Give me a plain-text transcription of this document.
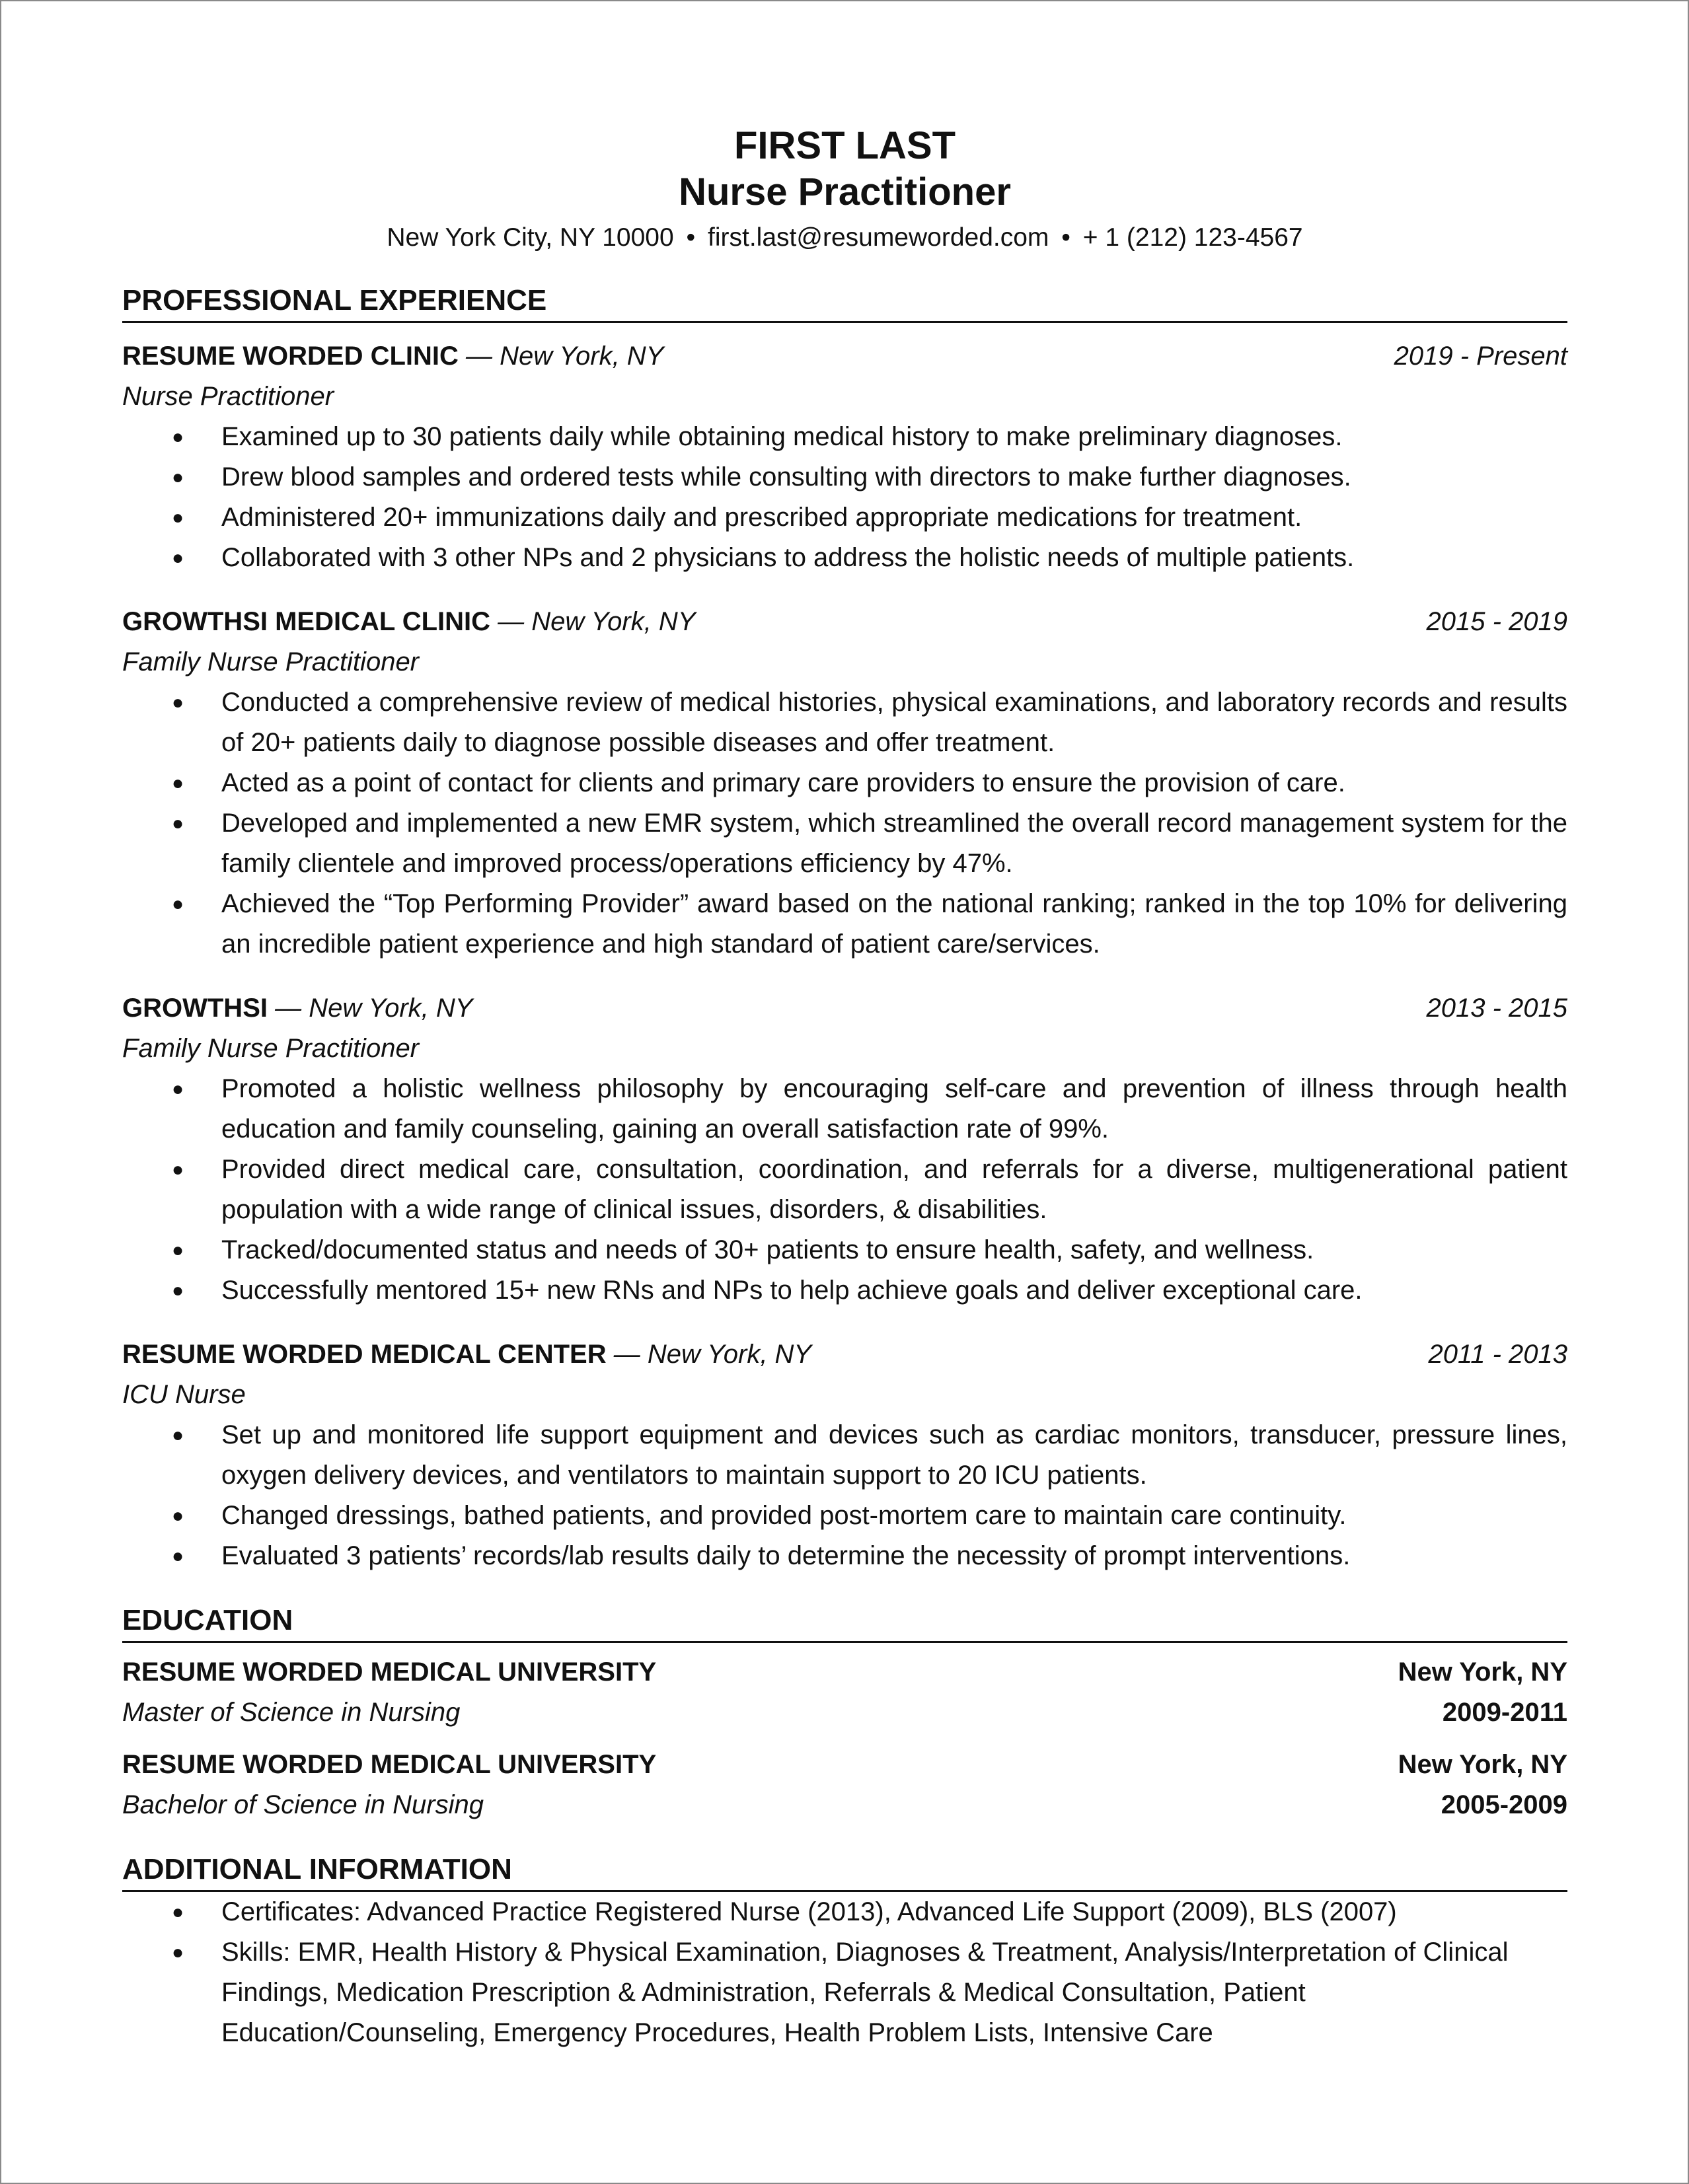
FIRST LAST

Nurse Practitioner

New York City, NY 10000 • first.last@resumeworded.com • + 1 (212) 123-4567

PROFESSIONAL EXPERIENCE
RESUME WORDED CLINIC — New York, NY	2019 - Present
Nurse Practitioner
● Examined up to 30 patients daily while obtaining medical history to make preliminary diagnoses.
● Drew blood samples and ordered tests while consulting with directors to make further diagnoses.
● Administered 20+ immunizations daily and prescribed appropriate medications for treatment.
● Collaborated with 3 other NPs and 2 physicians to address the holistic needs of multiple patients.
GROWTHSI MEDICAL CLINIC — New York, NY	2015 - 2019
Family Nurse Practitioner
● Conducted a comprehensive review of medical histories, physical examinations, and laboratory records and results of 20+ patients daily to diagnose possible diseases and offer treatment.
● Acted as a point of contact for clients and primary care providers to ensure the provision of care.
● Developed and implemented a new EMR system, which streamlined the overall record management system for the family clientele and improved process/operations efficiency by 47%.
● Achieved the “Top Performing Provider” award based on the national ranking; ranked in the top 10% for delivering an incredible patient experience and high standard of patient care/services.
GROWTHSI — New York, NY	2013 - 2015
Family Nurse Practitioner
● Promoted a holistic wellness philosophy by encouraging self-care and prevention of illness through health education and family counseling, gaining an overall satisfaction rate of 99%.
● Provided direct medical care, consultation, coordination, and referrals for a diverse, multigenerational patient population with a wide range of clinical issues, disorders, & disabilities.
● Tracked/documented status and needs of 30+ patients to ensure health, safety, and wellness.
● Successfully mentored 15+ new RNs and NPs to help achieve goals and deliver exceptional care.
RESUME WORDED MEDICAL CENTER — New York, NY	2011 - 2013
ICU Nurse
● Set up and monitored life support equipment and devices such as cardiac monitors, transducer, pressure lines, oxygen delivery devices, and ventilators to maintain support to 20 ICU patients.
● Changed dressings, bathed patients, and provided post-mortem care to maintain care continuity.
● Evaluated 3 patients’ records/lab results daily to determine the necessity of prompt interventions.
EDUCATION
RESUME WORDED MEDICAL UNIVERSITY	New York, NY
Master of Science in Nursing	2009-2011
RESUME WORDED MEDICAL UNIVERSITY	New York, NY
Bachelor of Science in Nursing	2005-2009
ADDITIONAL INFORMATION
● Certificates: Advanced Practice Registered Nurse (2013), Advanced Life Support (2009), BLS (2007)
● Skills: EMR, Health History & Physical Examination, Diagnoses & Treatment, Analysis/Interpretation of Clinical Findings, Medication Prescription & Administration, Referrals & Medical Consultation, Patient Education/Counseling, Emergency Procedures, Health Problem Lists, Intensive Care
